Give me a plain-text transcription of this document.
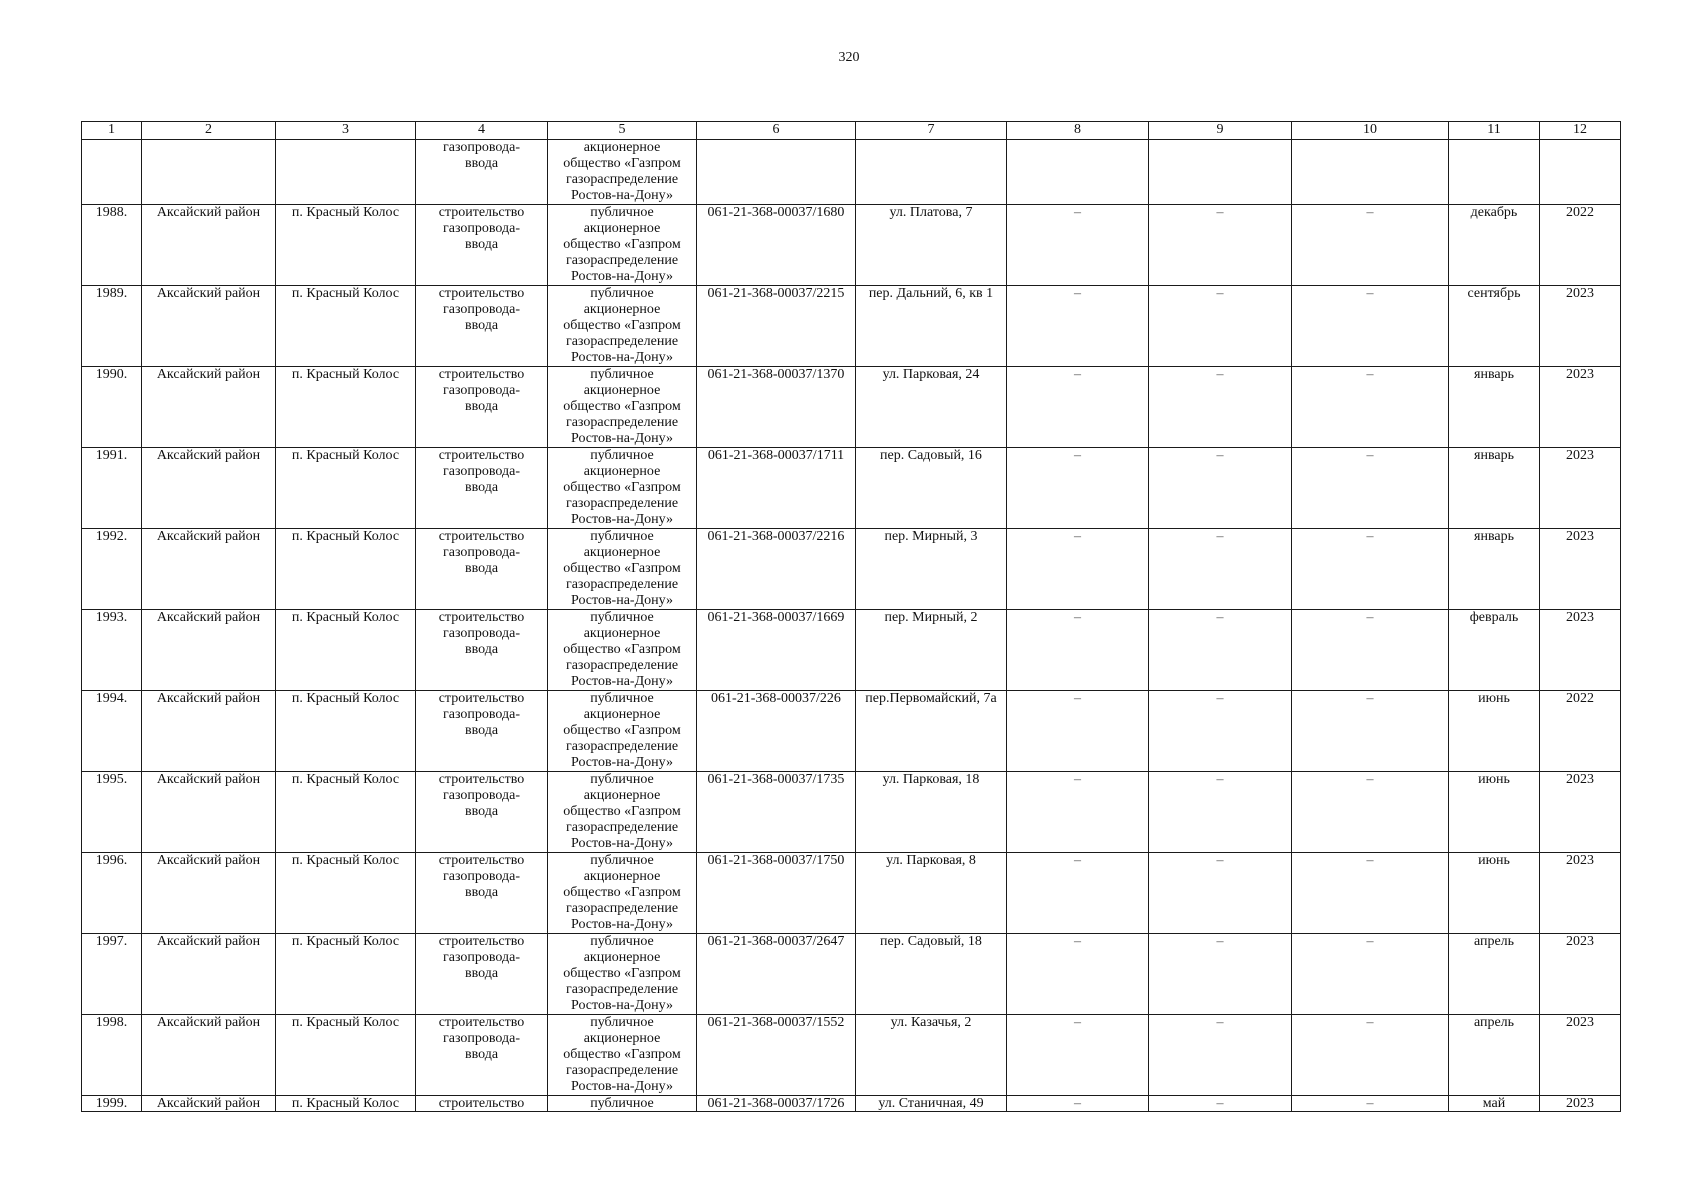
320
1	2	3	4	5	6	7	8	9	10	11	12

			газопровода-
ввода	акционерное
общество «Газпром
газораспределение
Ростов-на-Дону»							

1988.	Аксайский район	п. Красный Колос	строительство
газопровода-
ввода	публичное
акционерное
общество «Газпром
газораспределение
Ростов-на-Дону»	061-21-368-00037/1680	ул. Платова, 7	–	–	–	декабрь	2022
1989.	Аксайский район	п. Красный Колос	строительство
газопровода-
ввода	публичное
акционерное
общество «Газпром
газораспределение
Ростов-на-Дону»	061-21-368-00037/2215	пер. Дальний, 6, кв 1	–	–	–	сентябрь	2023
1990.	Аксайский район	п. Красный Колос	строительство
газопровода-
ввода	публичное
акционерное
общество «Газпром
газораспределение
Ростов-на-Дону»	061-21-368-00037/1370	ул. Парковая, 24	–	–	–	январь	2023
1991.	Аксайский район	п. Красный Колос	строительство
газопровода-
ввода	публичное
акционерное
общество «Газпром
газораспределение
Ростов-на-Дону»	061-21-368-00037/1711	пер. Садовый, 16	–	–	–	январь	2023
1992.	Аксайский район	п. Красный Колос	строительство
газопровода-
ввода	публичное
акционерное
общество «Газпром
газораспределение
Ростов-на-Дону»	061-21-368-00037/2216	пер. Мирный, 3	–	–	–	январь	2023
1993.	Аксайский район	п. Красный Колос	строительство
газопровода-
ввода	публичное
акционерное
общество «Газпром
газораспределение
Ростов-на-Дону»	061-21-368-00037/1669	пер. Мирный, 2	–	–	–	февраль	2023
1994.	Аксайский район	п. Красный Колос	строительство
газопровода-
ввода	публичное
акционерное
общество «Газпром
газораспределение
Ростов-на-Дону»	061-21-368-00037/226	пер.Первомайский, 7а	–	–	–	июнь	2022
1995.	Аксайский район	п. Красный Колос	строительство
газопровода-
ввода	публичное
акционерное
общество «Газпром
газораспределение
Ростов-на-Дону»	061-21-368-00037/1735	ул. Парковая, 18	–	–	–	июнь	2023
1996.	Аксайский район	п. Красный Колос	строительство
газопровода-
ввода	публичное
акционерное
общество «Газпром
газораспределение
Ростов-на-Дону»	061-21-368-00037/1750	ул. Парковая, 8	–	–	–	июнь	2023
1997.	Аксайский район	п. Красный Колос	строительство
газопровода-
ввода	публичное
акционерное
общество «Газпром
газораспределение
Ростов-на-Дону»	061-21-368-00037/2647	пер. Садовый, 18	–	–	–	апрель	2023
1998.	Аксайский район	п. Красный Колос	строительство
газопровода-
ввода	публичное
акционерное
общество «Газпром
газораспределение
Ростов-на-Дону»	061-21-368-00037/1552	ул. Казачья, 2	–	–	–	апрель	2023
1999.	Аксайский район	п. Красный Колос	строительство	публичное	061-21-368-00037/1726	ул. Станичная, 49	–	–	–	май	2023
